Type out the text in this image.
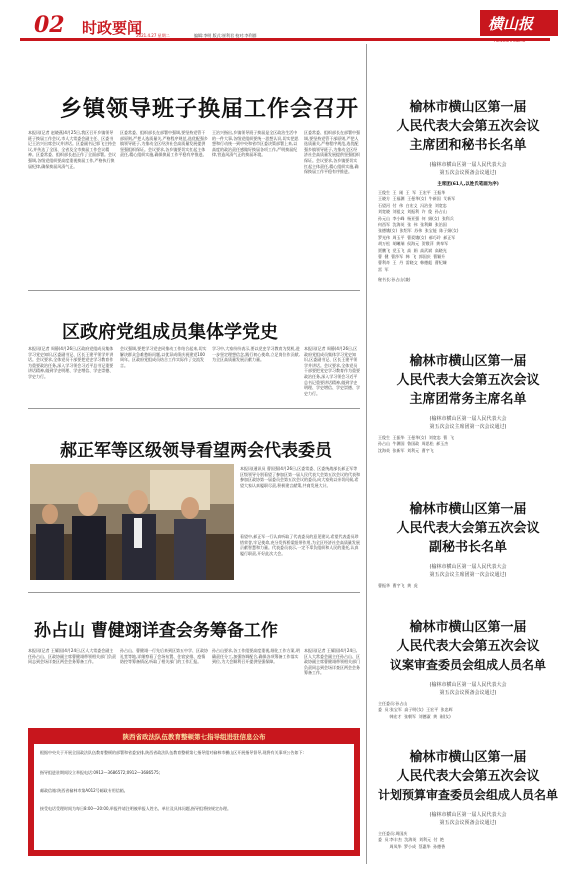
02 时政要闻
2021.4.27 星期二	编辑:李明 版式:崔利君 校对:李利群
横山报
乡镇领导班子换届工作会召开
本报讯(记者 赵晓燕)4月25日,我区召开乡镇领导班子换届工作会议,市人大常委会副主任、区委书记王治兴出席会议并讲话。区委副书记郭飞主持会议,并传达了全国、全省及全市换届工作会议精神。区委常委、组织部长赵正作了全面部署。会议强调,各级党组织要高度重视换届工作,严格执行换届纪律,确保换届风清气正。
区委常委、组织部长在部署中强调,要坚持党管干部原则,严把人选质量关,严格程序规范,选优配强乡镇领导班子,为推动全区经济社会高质量发展提供坚强组织保证。会议要求,各乡镇要切实扛起主体责任,精心组织实施,确保换届工作平稳有序推进。
王治兴指出,乡镇领导班子换届是全区政治生活中的一件大事,各级党组织要统一思想认识,切实把思想和行动统一到中央和省市区委决策部署上来,以高度的政治责任感做好换届各项工作,严明换届纪律,营造风清气正的换届环境。
区委常委、组织部长在部署中强调,要坚持党管干部原则,严把人选质量关,严格程序规范,选优配强乡镇领导班子,为推动全区经济社会高质量发展提供坚强组织保证。会议要求,各乡镇要切实扛起主体责任,精心组织实施,确保换届工作平稳有序推进。
区政府党组成员集体学党史
本报讯(记者 周静)4月26日,区政府党组成员集体学习党史知识,区委副书记、区长王建平领学并讲话。会议要求,全体党员干部要把党史学习教育作为重要政治任务,深入学习领会习近平总书记重要讲话精神,做到学史明理、学史增信、学史崇德、学史力行。
会议强调,要把学习党史同推动工作结合起来,切实解决群众急难愁盼问题,以优异成绩庆祝建党100周年。区政府党组成员结合工作实际作了交流发言。
学习中,大家纷纷表示,要以党史学习教育为契机,进一步坚定理想信念,践行初心使命,立足岗位作贡献,为全区高质量发展贡献力量。
本报讯(记者 周静)4月26日,区政府党组成员集体学习党史知识,区委副书记、区长王建平领学并讲话。会议要求,全体党员干部要把党史学习教育作为重要政治任务,深入学习领会习近平总书记重要讲话精神,做到学史明理、学史增信、学史崇德、学史力行。
郝正军等区级领导看望两会代表委员
本报讯(通讯员 曹国强)4月26日,区委常委、区委统战部长郝正军等区级领导分别看望了参加区第一届人民代表大会第五次会议的代表和参加区政协第一届委员会第五次会议的委员,向大家致以亲切问候,希望大家认真履职尽责,积极建言献策,共商发展大计。
看望中,郝正军一行认真听取了代表委员的意见建议,希望代表委员珍惜荣誉,牢记使命,充分发挥桥梁纽带作用,为全区经济社会高质量发展贡献智慧和力量。代表委员表示,一定不辜负组织和人民的重托,认真履行职责,开好此次大会。
孙占山 曹健翊详查会务筹备工作
本报讯(记者 王耀国)4月24日,区人大常委会副主任孙占山、区政协副主席曹健翊带领相关部门负责同志到会场详查区两会会务筹备工作。
孙占山、曹健翊一行先后来到区第五中学、区政协礼堂等地,详细察看了会场布置、住宿安排、疫情防控等筹备情况,听取了相关部门的工作汇报。
孙占山要求,各工作组要高度重视,细化工作方案,明确责任分工,加强协调配合,确保各项筹备工作落实到位,为大会顺利召开提供坚强保障。
本报讯(记者 王耀国)4月24日,区人大常委会副主任孙占山、区政协副主席曹健翊带领相关部门负责同志到会场详查区两会会务筹备工作。
陕西省政法队伍教育整顿第七指导组进驻信息公布
根据中央关于开展全国政法队伍教育整顿的部署和省委安排,陕西省政法队伍教育整顿第七指导组对榆林市横山区开展指导督导,现将有关事项公告如下:
指导组进驻期间设立举报电话:0912—3686572;0912—3686575;
邮政信箱:陕西省榆林市第A012号邮政专用信箱。
接受电话受理时间为每日8:00—20:00,举报件请注明被举报人姓名、单位及具体问题,指导组将按规定办理。
榆林市横山区第一届
人民代表大会第五次会议
主席团和秘书长名单
(榆林市横山区第一届人民代表大会
第五次会议预备会议通过)
主席团(61人,以姓氏笔画为序)
王俊生  王  刚  王  军  王宏平  王振华
王晓方  王福渊  王曼华(女)  牛新国  艾新军
石望河  付  伟  白宏义  冯治金  刘宽忠
刘宽晓  刘祖文  刘振利  许  俊  孙占山
孙元山  李小峰  杨亚强  何  娟(女)  张科兵
何西军  沈海英  张  伟  张利卿  张治国
张德娥(女)  张绍军  苏伟  张宝能  陈子娟(女)
罗光伟  周玉平  曹爱娥(女)  郝巧玲  郝正军
胡万松  胡曦瑞  侯海元  贺敬萍  黄奉军
贾鹏飞  党玉飞  高  娟  高武斌  高晓光
曹  健  曹莎军  韩  飞  郭国庆  曹颖升
曹利奇  王  丹  雷晓文  韩德彪  曹纪臻
雷  军
秘书长:孙占山(兼)
榆林市横山区第一届
人民代表大会第五次会议
主席团常务主席名单
(榆林市横山区第一届人民代表大会
第五次会议主席团第一次会议通过)
王俊生  王振华  王曼华(女)  刘宽忠  曹  飞
孙占山  牛渊国  鲁国政  周思松  郝玉杰
沈海英  张新军  刘利元  曹宇飞
榆林市横山区第一届
人民代表大会第五次会议
副秘书长名单
(榆林市横山区第一届人民代表大会
第五次会议主席团第一次会议通过)
曹振华  曹宇飞  黄  虎
榆林市横山区第一届
人民代表大会第五次会议
议案审查委员会组成人员名单
(榆林市横山区第一届人民代表大会
第五次会议预备会议通过)
主任委员:孙占山
委  员:张宝军  高子明(女)  王宏平  张忠辉
韩宏才  张朝军  刘德淑  黄  刚(女)
榆林市横山区第一届
人民代表大会第五次会议
计划预算审查委员会组成人员名单
(榆林市横山区第一届人民代表大会
第五次会议预备会议通过)
主任委员:周国庆
委  员:李丰杰  沈海英  刘利元  付  艳
周凤华  罗小成  蔡惠华  孙德香
